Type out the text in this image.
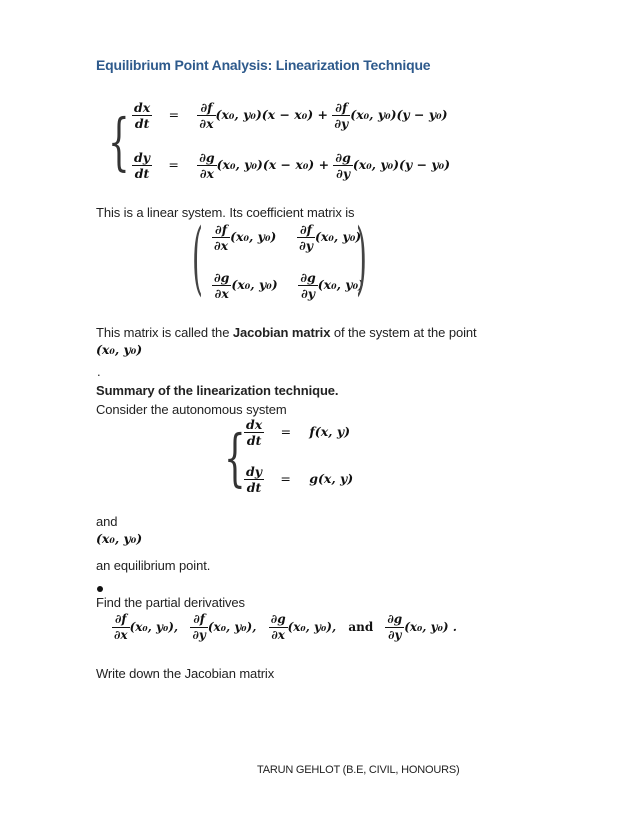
Equilibrium Point Analysis: Linearization Technique
{ $\frac{dx}{dt} = \frac{\partial f}{\partial x} (x_0$, $y_0)(x - x_0) + \frac{\partial f}{\partial y} (x_0$, y₀)(y − y₀)
$\frac{dy}{dt} = \frac{\partial g}{\partial x} (x_0$, $y_0)(x - x_0) + \frac{\partial g}{\partial y} (x_0$, y₀)(y − y₀)
This is a linear system. Its coefficient matrix is
( $\frac{\partial f}{\partial x} (x_0$, $y_0) \frac{\partial f}{\partial y} (x_0$, y₀)
$\frac{\partial g}{\partial x} (x_0$, $y_0) \frac{\partial g}{\partial y} (x_0$, y₀)
)
This matrix is called the Jacobian matrix of the system at the point
(x₀, y₀)
.
Summary of the linearization technique.
Consider the autonomous system
{
$\frac{dx}{dt} = f(x$, y)
$\frac{dy}{dt} = g(x$, y)
and
(x₀, y₀)
an equilibrium point.
Find the partial derivatives
$\frac{\partial f}{\partial x} (x_0$, y₀), $\frac{\partial f}{\partial y} (x_0$, y₀), $\frac{\partial g}{\partial x} (x_0$, y₀), and $\frac{\partial g}{\partial y} (x_0$, y₀) .
Write down the Jacobian matrix
TARUN GEHLOT (B.E, CIVIL, HONOURS)
